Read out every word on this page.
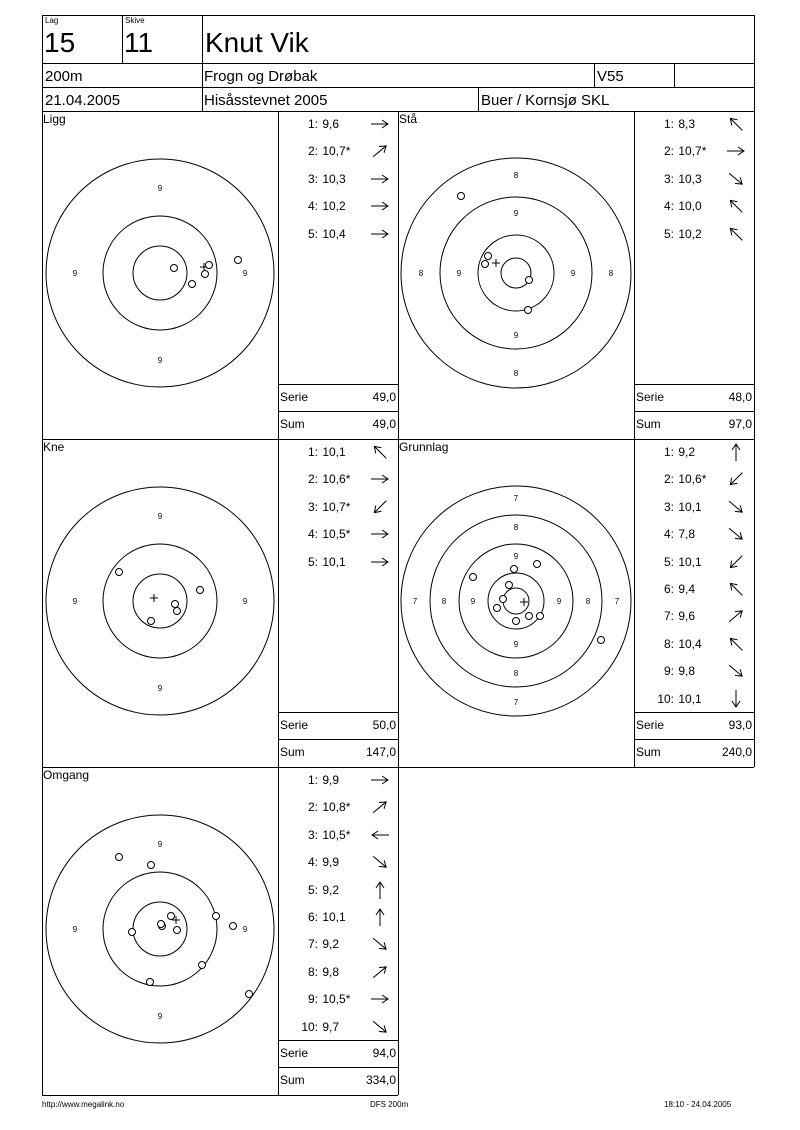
Lag
15
Skive
11 Knut Vik
200m	Frogn og Drøbak	V55
21.04.2005	Hisåsstevnet 2005	Buer / Kornsjø SKL
Ligg
9
9
9	9
1: 9,6
2: 10,7*
3: 10,3
4: 10,2
5: 10,4
Serie	49,0
Sum	49,0
Stå
8
8
8	8
9
9
9	9
1: 8,3
2: 10,7*
3: 10,3
4: 10,0
5: 10,2
Serie	48,0
Sum	97,0
Kne
9
9
9	9
1: 10,1
2: 10,6*
3: 10,7*
4: 10,5*
5: 10,1
Serie	50,0
Sum	147,0
Grunnlag
7
7
7	7
8
8
8	8
9
9
9	9
1: 9,2
2: 10,6*
3: 10,1
4: 7,8
5: 10,1
6: 9,4
7: 9,6
8: 10,4
9: 9,8
10: 10,1
Serie	93,0
Sum	240,0
Omgang
9
9
9	9
1: 9,9
2: 10,8*
3: 10,5*
4: 9,9
5: 9,2
6: 10,1
7: 9,2
8: 9,8
9: 10,5*
10: 9,7
Serie	94,0
Sum	334,0
http://www.megalink.no	DFS 200m	18:10 - 24.04.2005
